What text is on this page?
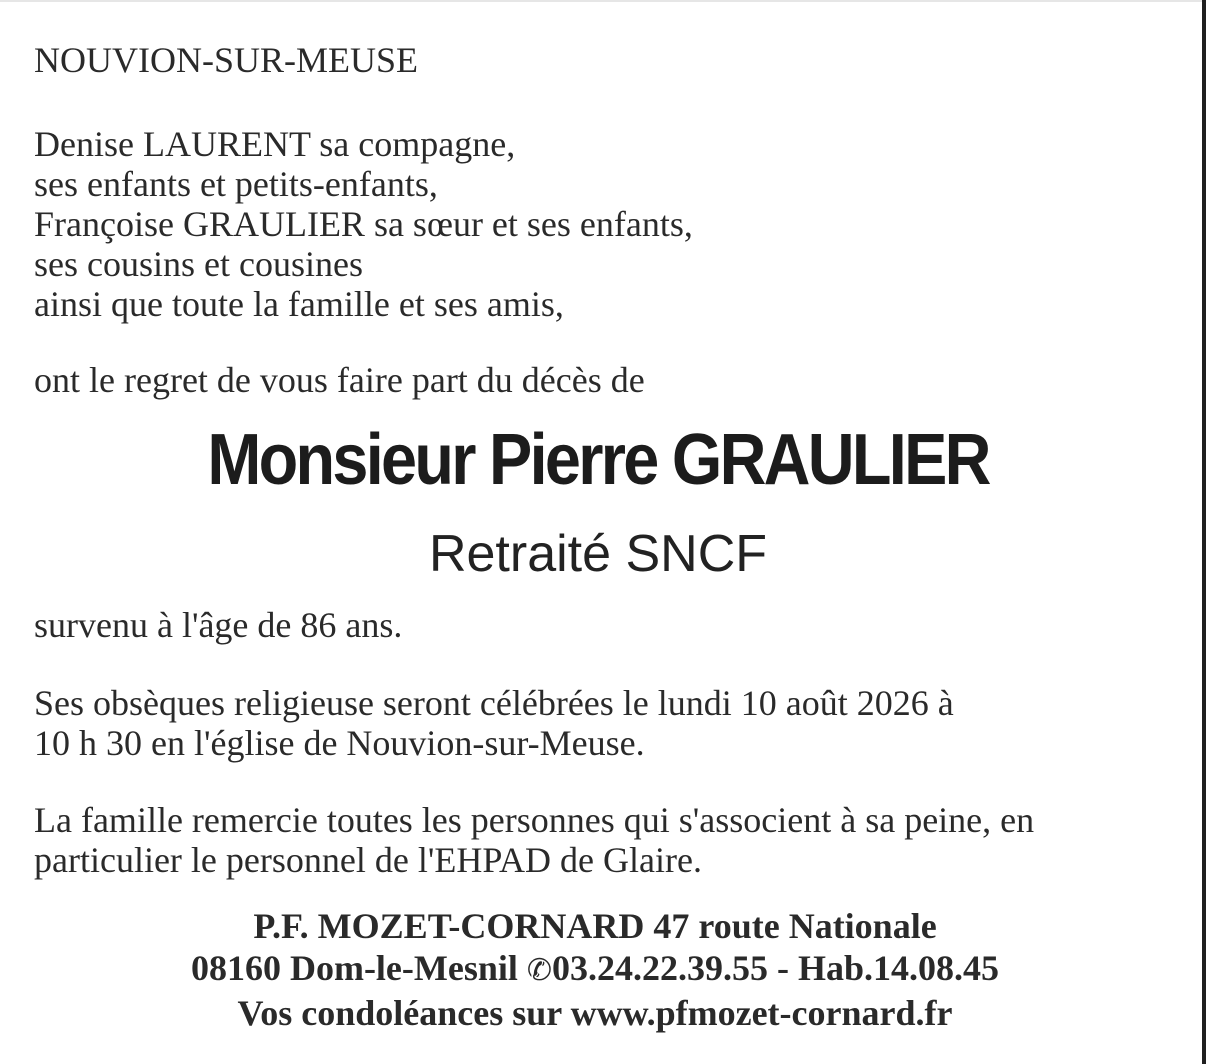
NOUVION-SUR-MEUSE
Denise LAURENT sa compagne,
ses enfants et petits-enfants,
Françoise GRAULIER sa sœur et ses enfants,
ses cousins et cousines
ainsi que toute la famille et ses amis,
ont le regret de vous faire part du décès de
Monsieur Pierre GRAULIER
Retraité SNCF
survenu à l'âge de 86 ans.
Ses obsèques religieuse seront célébrées le lundi 10 août 2026 à
10 h 30 en l'église de Nouvion-sur-Meuse.
La famille remercie toutes les personnes qui s'associent à sa peine, en
particulier le personnel de l'EHPAD de Glaire.
P.F. MOZET-CORNARD 47 route Nationale
08160 Dom-le-Mesnil ✆03.24.22.39.55 - Hab.14.08.45
Vos condoléances sur www.pfmozet-cornard.fr
